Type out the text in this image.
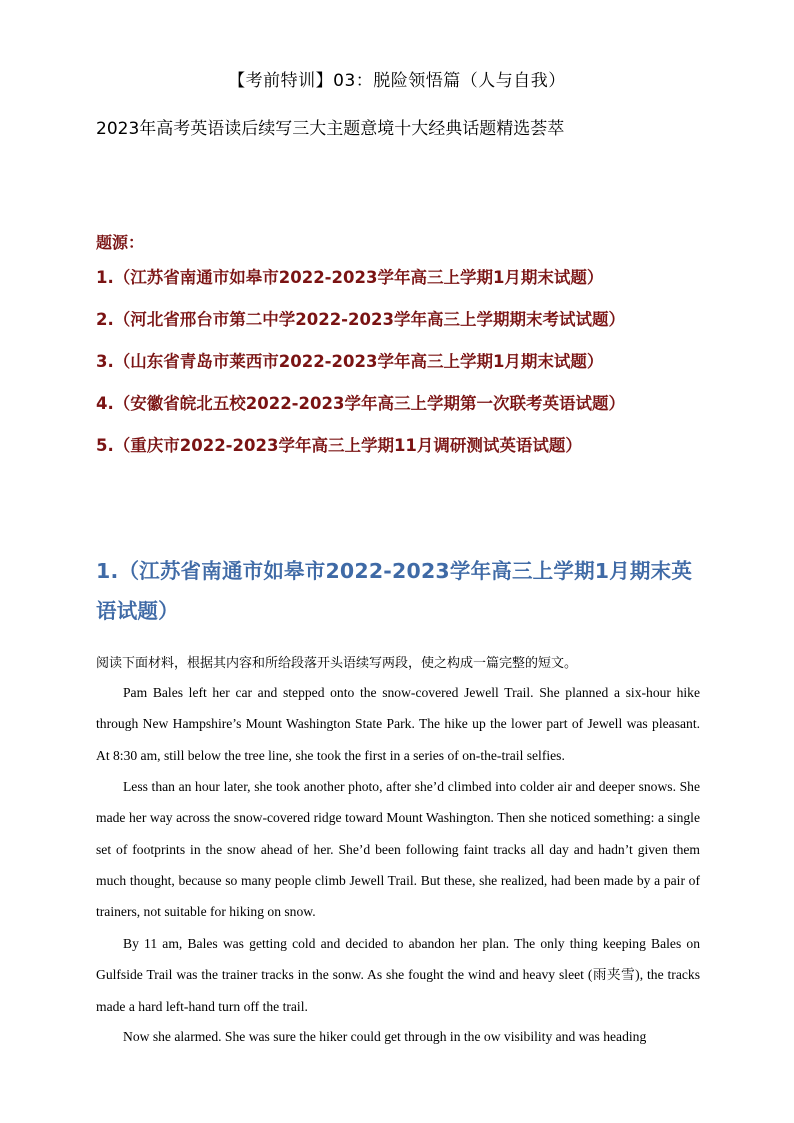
【考前特训】03：脱险领悟篇（人与自我）
2023年高考英语读后续写三大主题意境十大经典话题精选荟萃
题源：
1.（江苏省南通市如皋市2022-2023学年高三上学期1月期末试题）
2.（河北省邢台市第二中学2022-2023学年高三上学期期末考试试题）
3.（山东省青岛市莱西市2022-2023学年高三上学期1月期末试题）
4.（安徽省皖北五校2022-2023学年高三上学期第一次联考英语试题）
5.（重庆市2022-2023学年高三上学期11月调研测试英语试题）
1.（江苏省南通市如皋市2022-2023学年高三上学期1月期末英语试题）
阅读下面材料，根据其内容和所给段落开头语续写两段，使之构成一篇完整的短文。

Pam Bales left her car and stepped onto the snow-covered Jewell Trail. She planned a six-hour hike through New Hampshire’s Mount Washington State Park. The hike up the lower part of Jewell was pleasant. At 8:30 am, still below the tree line, she took the first in a series of on-the-trail selfies.

Less than an hour later, she took another photo, after she’d climbed into colder air and deeper snows. She made her way across the snow-covered ridge toward Mount Washington. Then she noticed something: a single set of footprints in the snow ahead of her. She’d been following faint tracks all day and hadn’t given them much thought, because so many people climb Jewell Trail. But these, she realized, had been made by a pair of trainers, not suitable for hiking on snow.

By 11 am, Bales was getting cold and decided to abandon her plan. The only thing keeping Bales on Gulfside Trail was the trainer tracks in the sonw. As she fought the wind and heavy sleet (雨夹雪), the tracks made a hard left-hand turn off the trail.

Now she alarmed. She was sure the hiker could get through in the ow visibility and was heading
